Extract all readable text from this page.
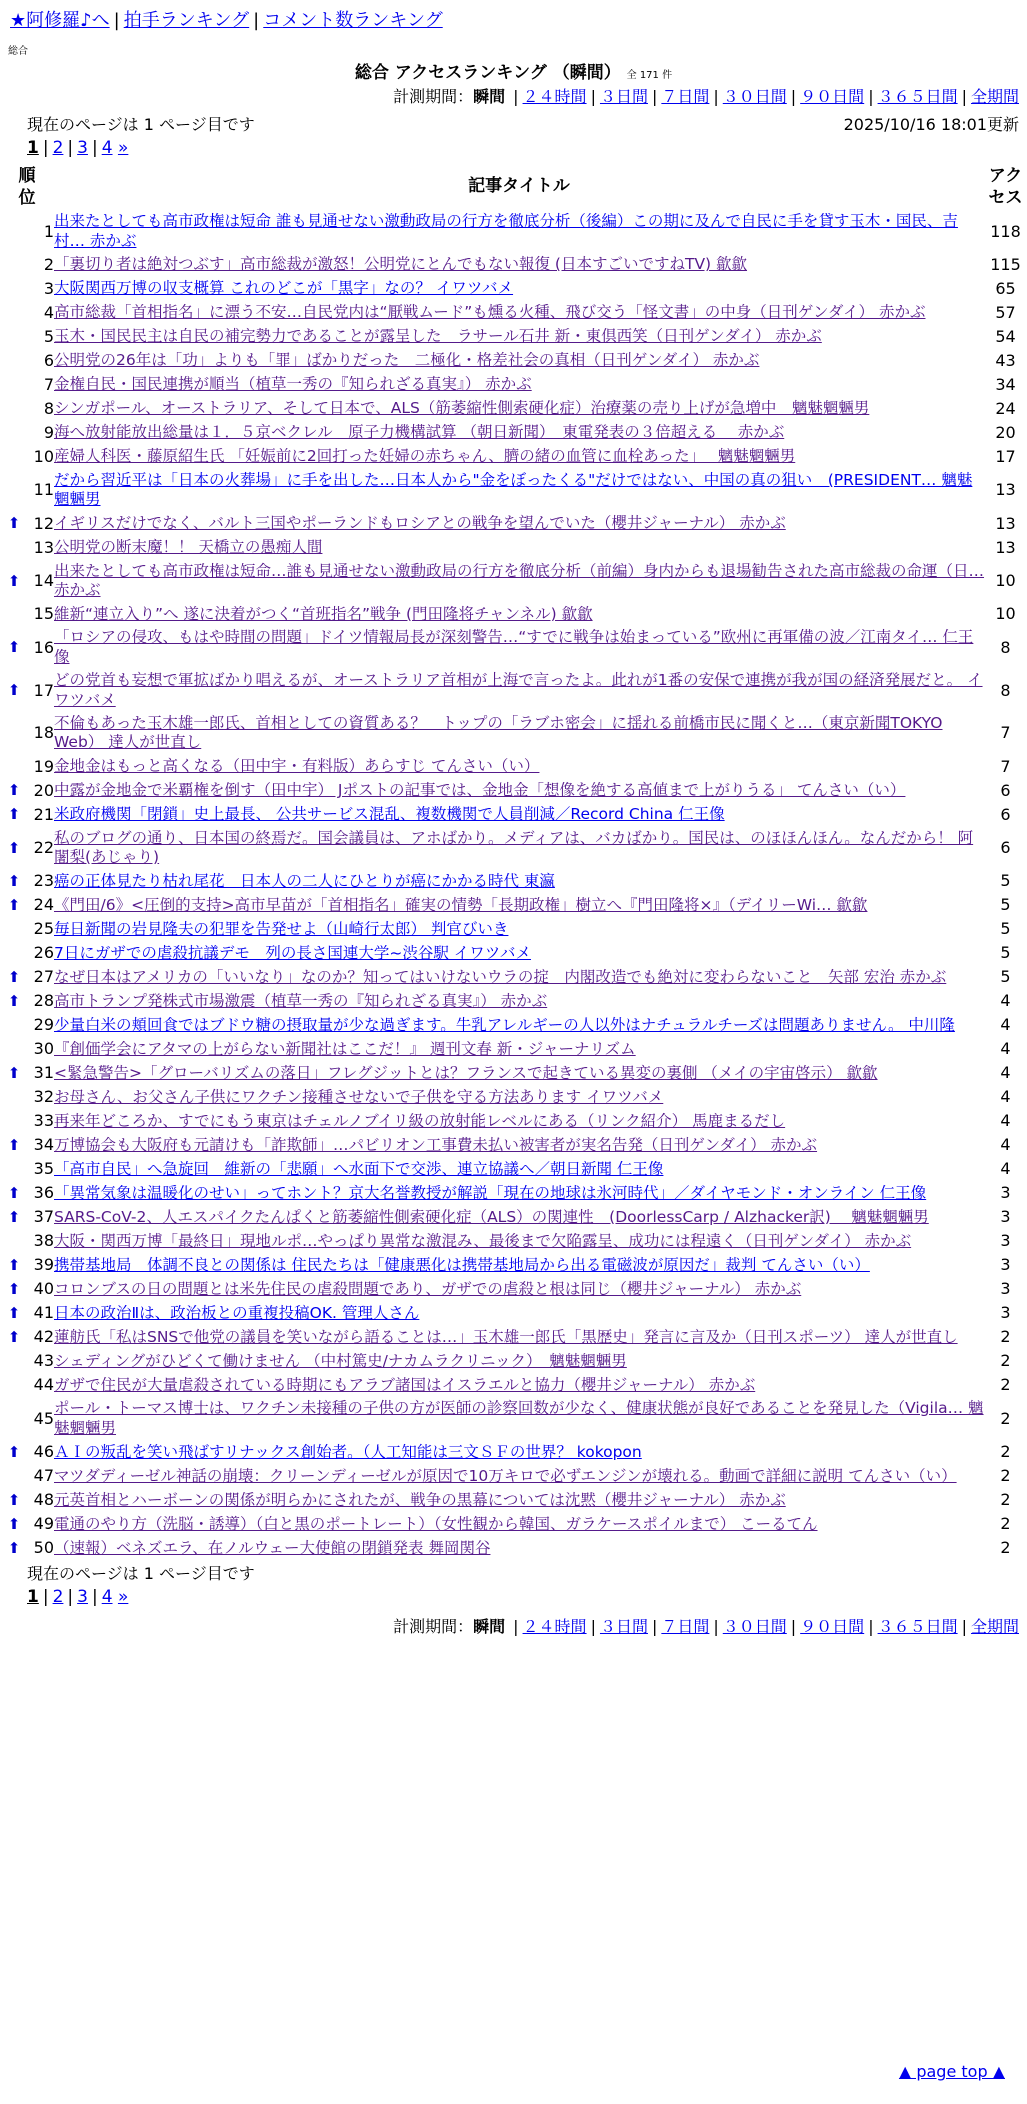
★阿修羅♪へ | 拍手ランキング | コメント数ランキング
総合
総合 アクセスランキング （瞬間） 全 171 件
計測期間：瞬間 | ２４時間 | ３日間 | ７日間 | ３０日間 | ９０日間 | ３６５日間 | 全期間
現在のページは 1 ページ目です	2025/10/16 18:01更新
1 | 2 | 3 | 4 »
順位		記事タイトル	アクセス
	1	出来たとしても高市政権は短命 誰も見通せない激動政局の行方を徹底分析（後編）この期に及んで自民に手を貸す玉木・国民、吉村… 赤かぶ	118
	2	「裏切り者は絶対つぶす」高市総裁が激怒！公明党にとんでもない報復 (日本すごいですねTV) 歙歙	115
	3	大阪関西万博の収支概算 これのどこが「黒字」なの？ イワツバメ	65
	4	高市総裁「首相指名」に漂う不安…自民党内は“厭戦ムード”も燻る火種、飛び交う「怪文書」の中身（日刊ゲンダイ） 赤かぶ	57
	5	玉木・国民民主は自民の補完勢力であることが露呈した　ラサール石井 新・東倶西笑（日刊ゲンダイ） 赤かぶ	54
	6	公明党の26年は「功」よりも「罪」ばかりだった　二極化・格差社会の真相（日刊ゲンダイ） 赤かぶ	43
	7	金権自民・国民連携が順当（植草一秀の『知られざる真実』） 赤かぶ	34
	8	シンガポール、オーストラリア、そして日本で、ALS（筋萎縮性側索硬化症）治療薬の売り上げが急増中　魑魅魍魎男	24
	9	海へ放射能放出総量は１．５京ベクレル　原子力機構試算 （朝日新聞）　東電発表の３倍超える　 赤かぶ	20
	10	産婦人科医・藤原紹生氏 「妊娠前に2回打った妊婦の赤ちゃん、臍の緒の血管に血栓あった」　 魑魅魍魎男	17
	11	だから習近平は「日本の火葬場」に手を出した…日本人から"金をぼったくる"だけではない、中国の真の狙い　(PRESIDENT… 魑魅魍魎男	13
⬆	12	イギリスだけでなく、バルト三国やポーランドもロシアとの戦争を望んでいた（櫻井ジャーナル） 赤かぶ	13
	13	公明党の断末魔！！ 天橋立の愚痴人間	13
⬆	14	出来たとしても高市政権は短命…誰も見通せない激動政局の行方を徹底分析（前編）身内からも退場勧告された高市総裁の命運（日… 赤かぶ	10
	15	維新“連立入り”へ 遂に決着がつく“首班指名”戦争 (門田隆将チャンネル) 歙歙	10
⬆	16	「ロシアの侵攻、もはや時間の問題」ドイツ情報局長が深刻警告…“すでに戦争は始まっている”欧州に再軍備の波／江南タイ… 仁王像	8
⬆	17	どの党首も妄想で軍拡ばかり唱えるが、オーストラリア首相が上海で言ったよ。此れが1番の安保で連携が我が国の経済発展だと。 イワツバメ	8
	18	不倫もあった玉木雄一郎氏、首相としての資質ある？　トップの「ラブホ密会」に揺れる前橋市民に聞くと…（東京新聞TOKYO Web） 達人が世直し	7
	19	金地金はもっと高くなる（田中宇・有料版）あらすじ てんさい（い）	7
⬆	20	中露が金地金で米覇権を倒す（田中宇） Jポストの記事では、金地金「想像を絶する高値まで上がりうる」 てんさい（い）	6
⬆	21	米政府機関「閉鎖」史上最長、 公共サービス混乱、複数機関で人員削減／Record China 仁王像	6
⬆	22	私のブログの通り、日本国の終焉だ。国会議員は、アホばかり。メディアは、バカばかり。国民は、のほほんほん。なんだから！ 阿闍梨(あじゃり)	6
⬆	23	癌の正体見たり枯れ尾花　日本人の二人にひとりが癌にかかる時代 東瀛	5
⬆	24	《門田/6》<圧倒的支持>高市早苗が「首相指名」確実の情勢「長期政権」樹立へ『門田隆将×』（デイリーWi… 歙歙	5
	25	毎日新聞の岩見隆夫の犯罪を告発せよ（山崎行太郎） 判官びいき	5
	26	7日にガザでの虐殺抗議デモ　列の長さ国連大学~渋谷駅 イワツバメ	5
⬆	27	なぜ日本はアメリカの「いいなり」なのか？知ってはいけないウラの掟　内閣改造でも絶対に変わらないこと　矢部 宏治 赤かぶ	5
⬆	28	高市トランプ発株式市場激震（植草一秀の『知られざる真実』） 赤かぶ	4
	29	少量白米の頬回食ではブドウ糖の摂取量が少な過ぎます。牛乳アレルギーの人以外はナチュラルチーズは問題ありません。 中川隆	4
	30	『創価学会にアタマの上がらない新聞社はここだ！』 週刊文春 新・ジャーナリズム	4
⬆	31	<緊急警告>「グローバリズムの落日」フレグジットとは？フランスで起きている異変の裏側 （メイの宇宙啓示） 歙歙	4
	32	お母さん、お父さん子供にワクチン接種させないで子供を守る方法あります イワツバメ	4
	33	再来年どころか、すでにもう東京はチェルノブイリ級の放射能レベルにある（リンク紹介） 馬鹿まるだし	4
⬆	34	万博協会も大阪府も元請けも「詐欺師」…パビリオン工事費未払い被害者が実名告発（日刊ゲンダイ） 赤かぶ	4
	35	「高市自民」へ急旋回　維新の「悲願」へ水面下で交渉、連立協議へ／朝日新聞 仁王像	4
⬆	36	「異常気象は温暖化のせい」ってホント？京大名誉教授が解説「現在の地球は氷河時代」／ダイヤモンド・オンライン 仁王像	3
⬆	37	SARS-CoV-2、人エスパイクたんぱくと筋萎縮性側索硬化症（ALS）の関連性　(DoorlessCarp / Alzhacker訳)　 魑魅魍魎男	3
	38	大阪・関西万博「最終日」現地ルポ…やっぱり異常な激混み、最後まで欠陥露呈、成功には程遠く（日刊ゲンダイ） 赤かぶ	3
⬆	39	携帯基地局　体調不良との関係は 住民たちは「健康悪化は携帯基地局から出る電磁波が原因だ」裁判 てんさい（い）	3
⬆	40	コロンブスの日の問題とは米先住民の虐殺問題であり、ガザでの虐殺と根は同じ（櫻井ジャーナル） 赤かぶ	3
⬆	41	日本の政治Ⅱは、政治板との重複投稿OK. 管理人さん	3
⬆	42	蓮舫氏「私はSNSで他党の議員を笑いながら語ることは…」玉木雄一郎氏「黒歴史」発言に言及か（日刊スポーツ） 達人が世直し	2
	43	シェディングがひどくて働けません （中村篤史/ナカムラクリニック）　魑魅魍魎男	2
	44	ガザで住民が大量虐殺されている時期にもアラブ諸国はイスラエルと協力（櫻井ジャーナル） 赤かぶ	2
	45	ポール・トーマス博士は、ワクチン未接種の子供の方が医師の診察回数が少なく、健康状態が良好であることを発見した（Vigila… 魑魅魍魎男	2
⬆	46	ＡＩの叛乱を笑い飛ばすリナックス創始者。（人工知能は三文ＳＦの世界？ kokopon	2
	47	マツダディーゼル神話の崩壊：クリーンディーゼルが原因で10万キロで必ずエンジンが壊れる。動画で詳細に説明 てんさい（い）	2
⬆	48	元英首相とハーボーンの関係が明らかにされたが、戦争の黒幕については沈黙（櫻井ジャーナル） 赤かぶ	2
⬆	49	電通のやり方（洗脳・誘導）（白と黒のポートレート）（女性観から韓国、ガラケースポイルまで） こーるてん	2
⬆	50	（速報）ベネズエラ、在ノルウェー大使館の閉鎖発表 舞岡関谷	2
現在のページは 1 ページ目です
1 | 2 | 3 | 4 »
計測期間：瞬間 | ２４時間 | ３日間 | ７日間 | ３０日間 | ９０日間 | ３６５日間 | 全期間
▲ page top ▲
